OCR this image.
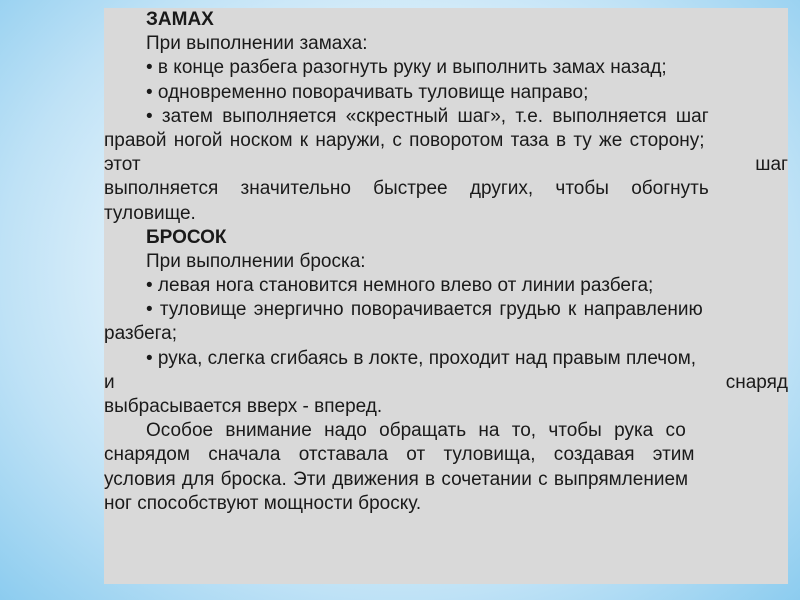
ЗАМАХ
При выполнении замаха:
• в конце разбега разогнуть руку и выполнить замах назад;
• одновременно поворачивать туловище направо;
• затем выполняется «скрестный шаг», т.е. выполняется шаг
правой ногой носком к наружи, с поворотом таза в ту же сторону;
этот	шаг
выполняется значительно быстрее других, чтобы обогнуть
туловище.
БРОСОК
При выполнении броска:
• левая нога становится немного влево от линии разбега;
• туловище энергично поворачивается грудью к направлению
разбега;
• рука, слегка сгибаясь в локте, проходит над правым плечом,
и	снаряд
выбрасывается вверх - вперед.
Особое внимание надо обращать на то, чтобы рука со
снарядом сначала отставала от туловища, создавая этим
условия для броска. Эти движения в сочетании с выпрямлением
ног способствуют мощности броску.
